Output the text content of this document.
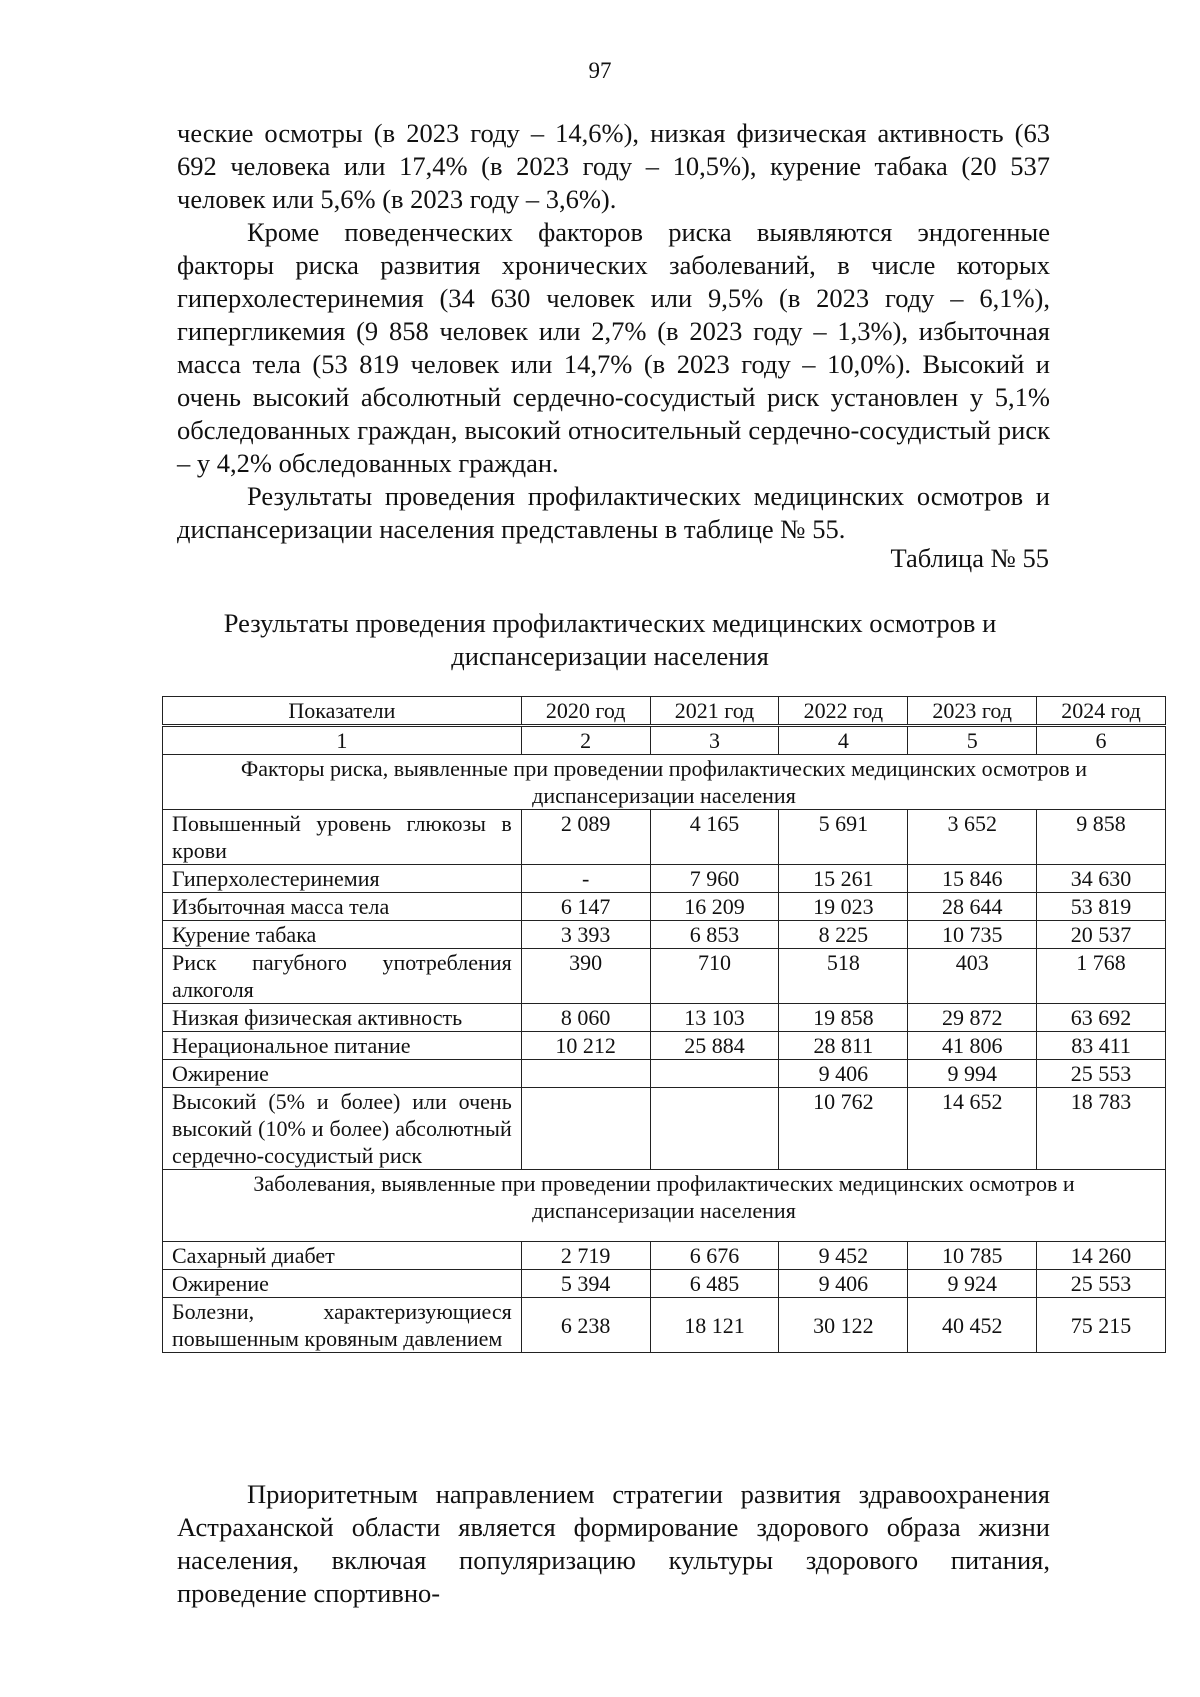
97

ческие осмотры (в 2023 году – 14,6%), низкая физическая активность (63 692 человека или 17,4% (в 2023 году – 10,5%), курение табака (20 537 человек или 5,6% (в 2023 году – 3,6%).

Кроме поведенческих факторов риска выявляются эндогенные факторы риска развития хронических заболеваний, в числе которых гиперхолестеринемия (34 630 человек или 9,5% (в 2023 году – 6,1%), гипергликемия (9 858 человек или 2,7% (в 2023 году – 1,3%), избыточная масса тела (53 819 человек или 14,7% (в 2023 году – 10,0%). Высокий и очень высокий абсолютный сердечно-сосудистый риск установлен у 5,1% обследованных граждан, высокий относительный сердечно-сосудистый риск – у 4,2% обследованных граждан.

Результаты проведения профилактических медицинских осмотров и диспансеризации населения представлены в таблице № 55.

Таблица № 55
Результаты проведения профилактических медицинских осмотров и диспансеризации населения
Показатели	2020 год	2021 год	2022 год	2023 год	2024 год
1	2	3	4	5	6
Факторы риска, выявленные при проведении профилактических медицинских осмотров и диспансеризации населения					
Повышенный уровень глюкозы в крови	2 089	4 165	5 691	3 652	9 858
Гиперхолестеринемия	-	7 960	15 261	15 846	34 630
Избыточная масса тела	6 147	16 209	19 023	28 644	53 819
Курение табака	3 393	6 853	8 225	10 735	20 537
Риск пагубного употребления алкоголя	390	710	518	403	1 768
Низкая физическая активность	8 060	13 103	19 858	29 872	63 692
Нерациональное питание	10 212	25 884	28 811	41 806	83 411
Ожирение			9 406	9 994	25 553
Высокий (5% и более) или очень высокий (10% и более) абсолютный сердечно-сосудистый риск			10 762	14 652	18 783
Заболевания, выявленные при проведении профилактических медицинских осмотров и диспансеризации населения					
Сахарный диабет	2 719	6 676	9 452	10 785	14 260
Ожирение	5 394	6 485	9 406	9 924	25 553
Болезни, характеризующиеся повышенным кровяным давлением	6 238	18 121	30 122	40 452	75 215

Приоритетным направлением стратегии развития здравоохранения Астраханской области является формирование здорового образа жизни населения, включая популяризацию культуры здорового питания, проведение спортивно-
